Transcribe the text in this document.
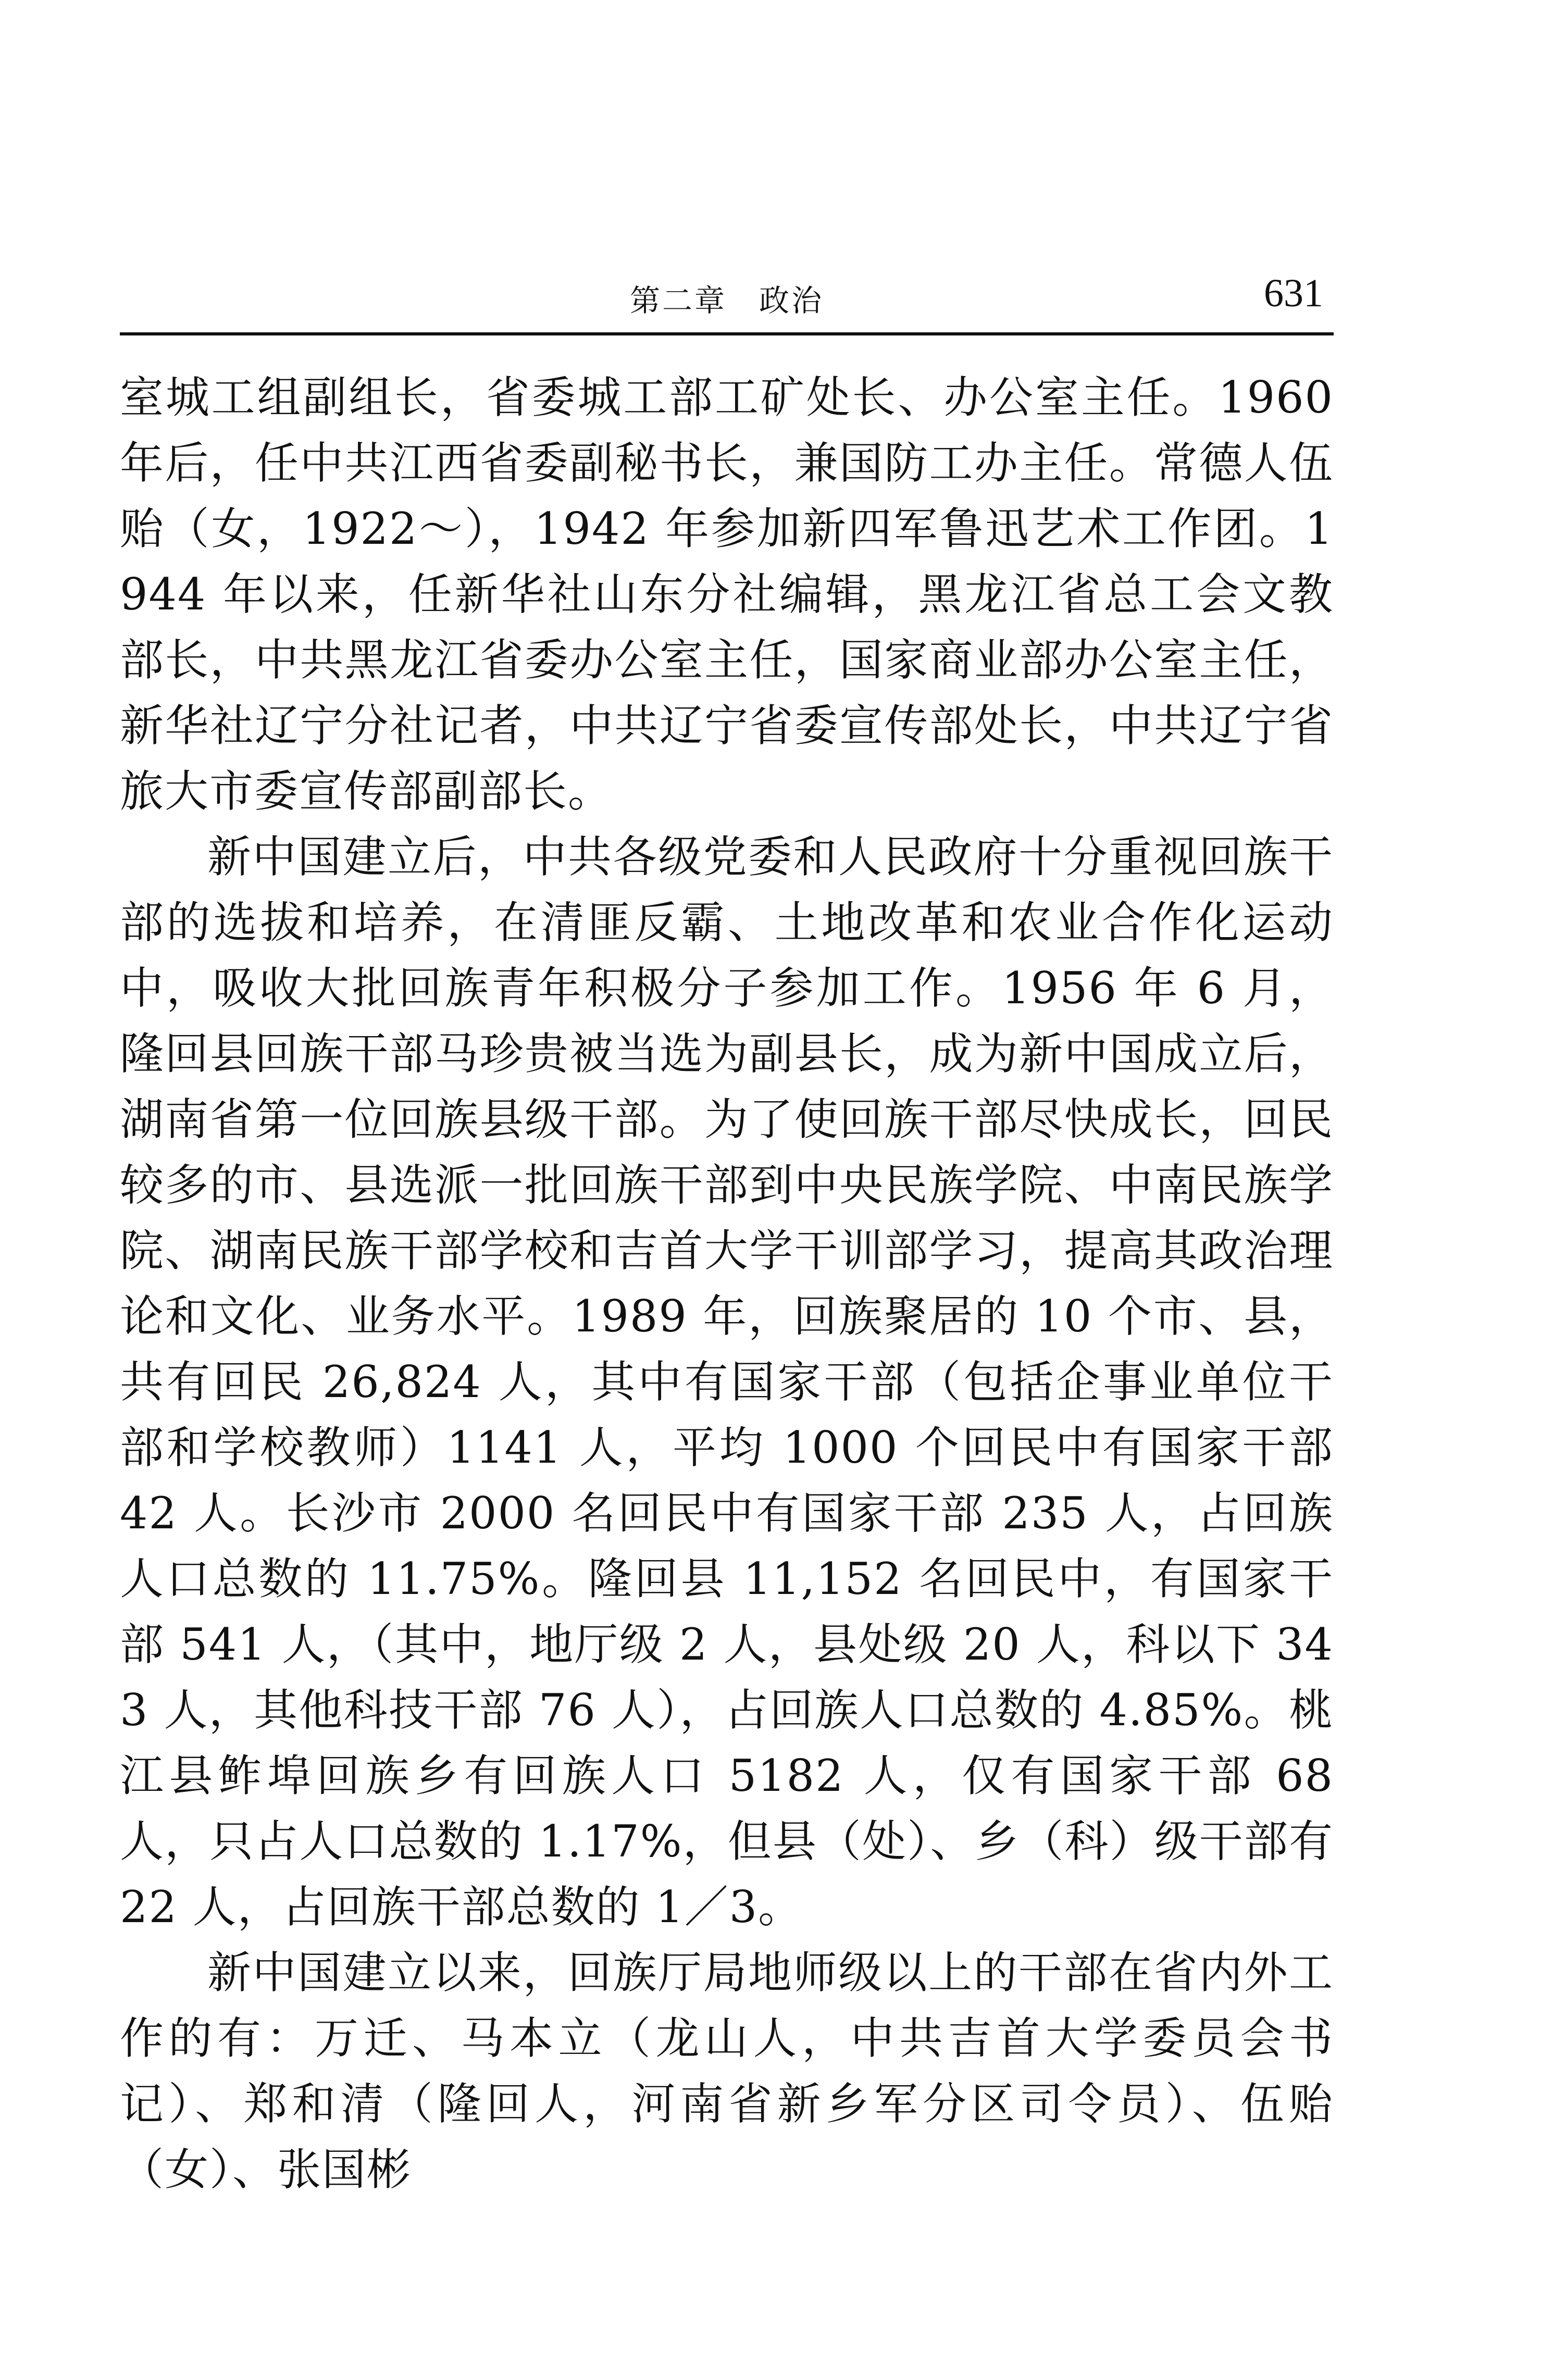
第二章　政治	631

室城工组副组长，省委城工部工矿处长、办公室主任。1960 年后，任中共江西省委副秘书长，兼国防工办主任。常德人伍贻（女，1922～），1942 年参加新四军鲁迅艺术工作团。1944 年以来，任新华社山东分社编辑，黑龙江省总工会文教部长，中共黑龙江省委办公室主任，国家商业部办公室主任，新华社辽宁分社记者，中共辽宁省委宣传部处长，中共辽宁省旅大市委宣传部副部长。

新中国建立后，中共各级党委和人民政府十分重视回族干部的选拔和培养，在清匪反霸、土地改革和农业合作化运动中，吸收大批回族青年积极分子参加工作。1956 年 6 月，隆回县回族干部马珍贵被当选为副县长，成为新中国成立后，湖南省第一位回族县级干部。为了使回族干部尽快成长，回民较多的市、县选派一批回族干部到中央民族学院、中南民族学院、湖南民族干部学校和吉首大学干训部学习，提高其政治理论和文化、业务水平。1989 年，回族聚居的 10 个市、县，共有回民 26,824 人，其中有国家干部（包括企事业单位干部和学校教师）1141 人，平均 1000 个回民中有国家干部 42 人。长沙市 2000 名回民中有国家干部 235 人，占回族人口总数的 11.75%。隆回县 11,152 名回民中，有国家干部 541 人，（其中，地厅级 2 人，县处级 20 人，科以下 343 人，其他科技干部 76 人），占回族人口总数的 4.85%。桃江县鲊埠回族乡有回族人口 5182 人，仅有国家干部 68 人，只占人口总数的 1.17%，但县（处）、乡（科）级干部有 22 人，占回族干部总数的 1／3。

新中国建立以来，回族厅局地师级以上的干部在省内外工作的有：万迁、马本立（龙山人，中共吉首大学委员会书记）、郑和清（隆回人，河南省新乡军分区司令员）、伍贻（女）、张国彬
